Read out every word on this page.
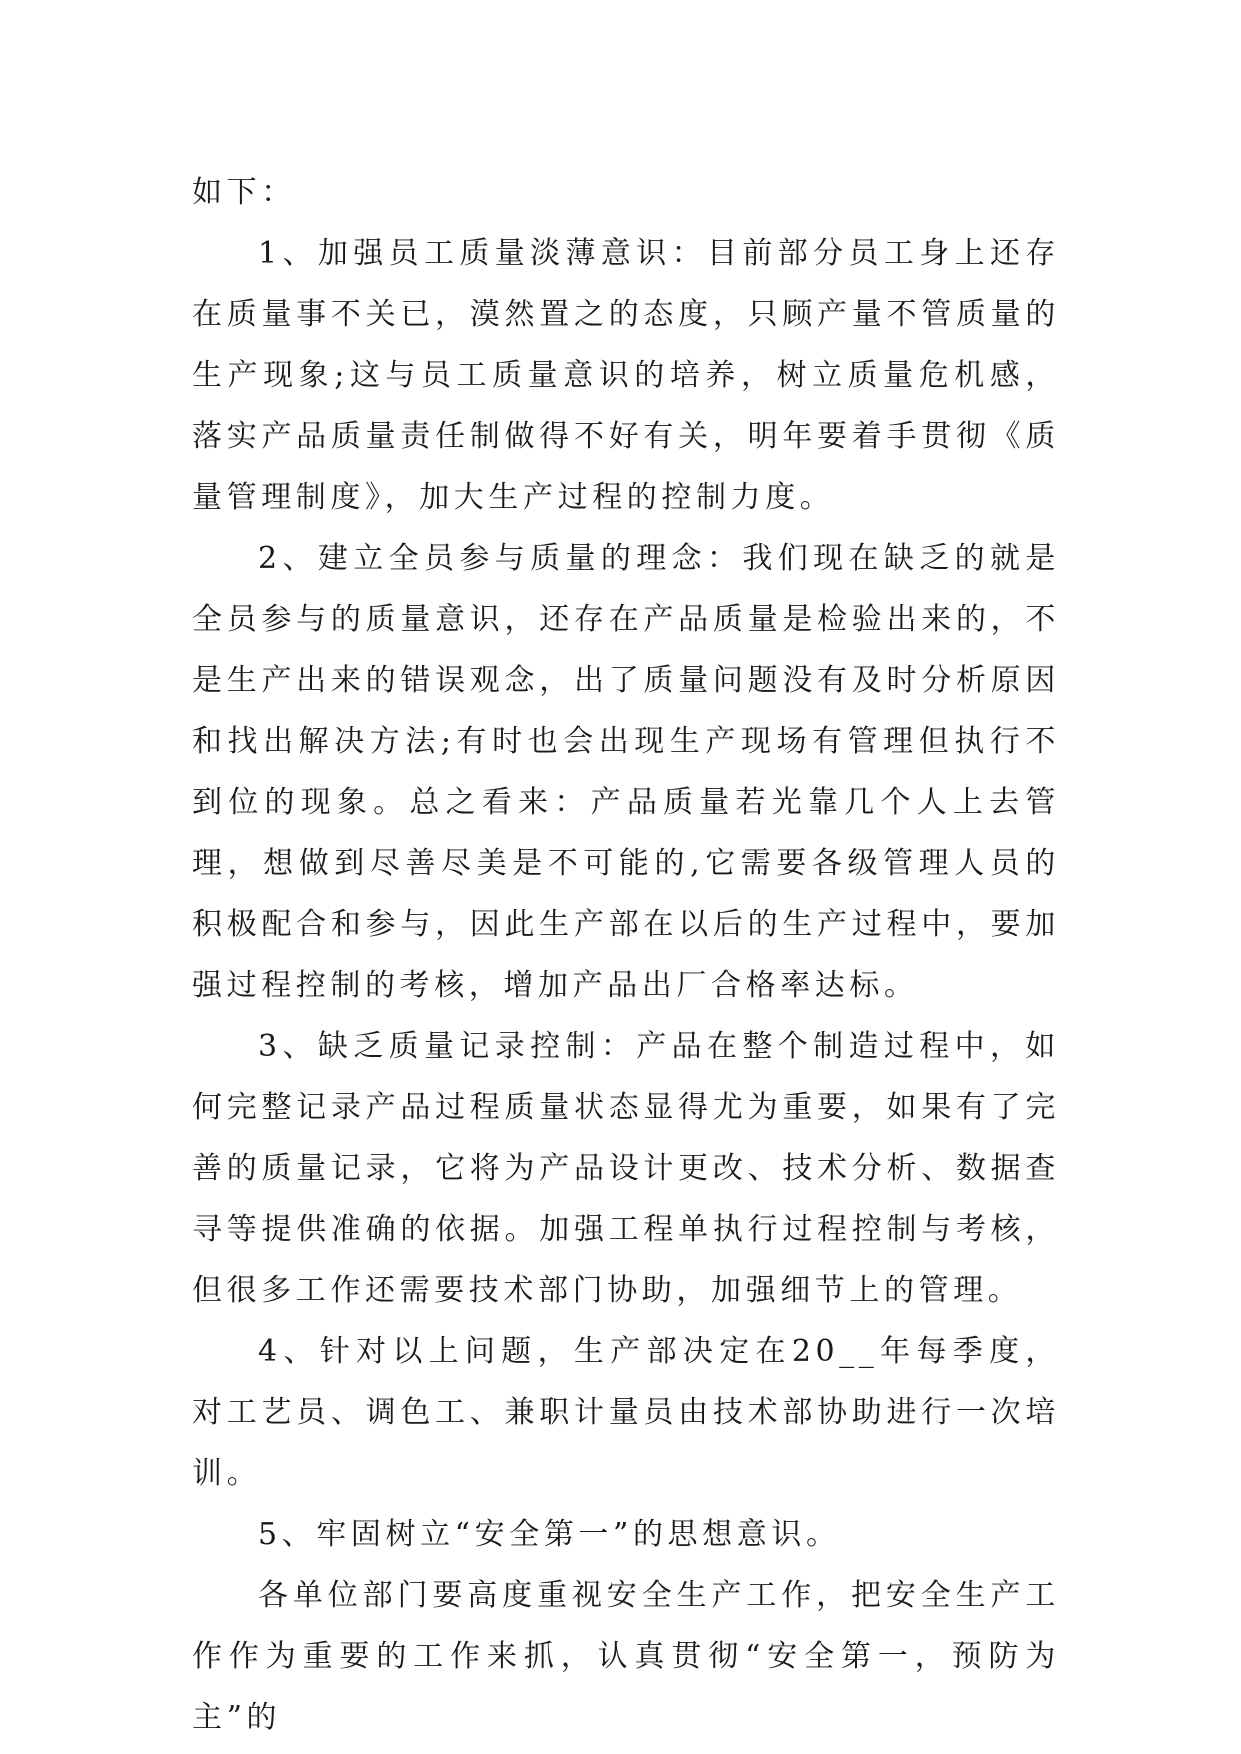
如下：

1、加强员工质量淡薄意识：目前部分员工身上还存在质量事不关已，漠然置之的态度，只顾产量不管质量的生产现象;这与员工质量意识的培养，树立质量危机感，落实产品质量责任制做得不好有关，明年要着手贯彻《质量管理制度》，加大生产过程的控制力度。

2、建立全员参与质量的理念：我们现在缺乏的就是全员参与的质量意识，还存在产品质量是检验出来的，不是生产出来的错误观念，出了质量问题没有及时分析原因和找出解决方法;有时也会出现生产现场有管理但执行不到位的现象。总之看来：产品质量若光靠几个人上去管理，想做到尽善尽美是不可能的,它需要各级管理人员的积极配合和参与，因此生产部在以后的生产过程中，要加强过程控制的考核，增加产品出厂合格率达标。

3、缺乏质量记录控制：产品在整个制造过程中，如何完整记录产品过程质量状态显得尤为重要，如果有了完善的质量记录，它将为产品设计更改、技术分析、数据查寻等提供准确的依据。加强工程单执行过程控制与考核，但很多工作还需要技术部门协助，加强细节上的管理。

4、针对以上问题，生产部决定在20__年每季度，对工艺员、调色工、兼职计量员由技术部协助进行一次培训。

5、牢固树立“安全第一”的思想意识。

各单位部门要高度重视安全生产工作，把安全生产工作作为重要的工作来抓，认真贯彻“安全第一，预防为主”的
